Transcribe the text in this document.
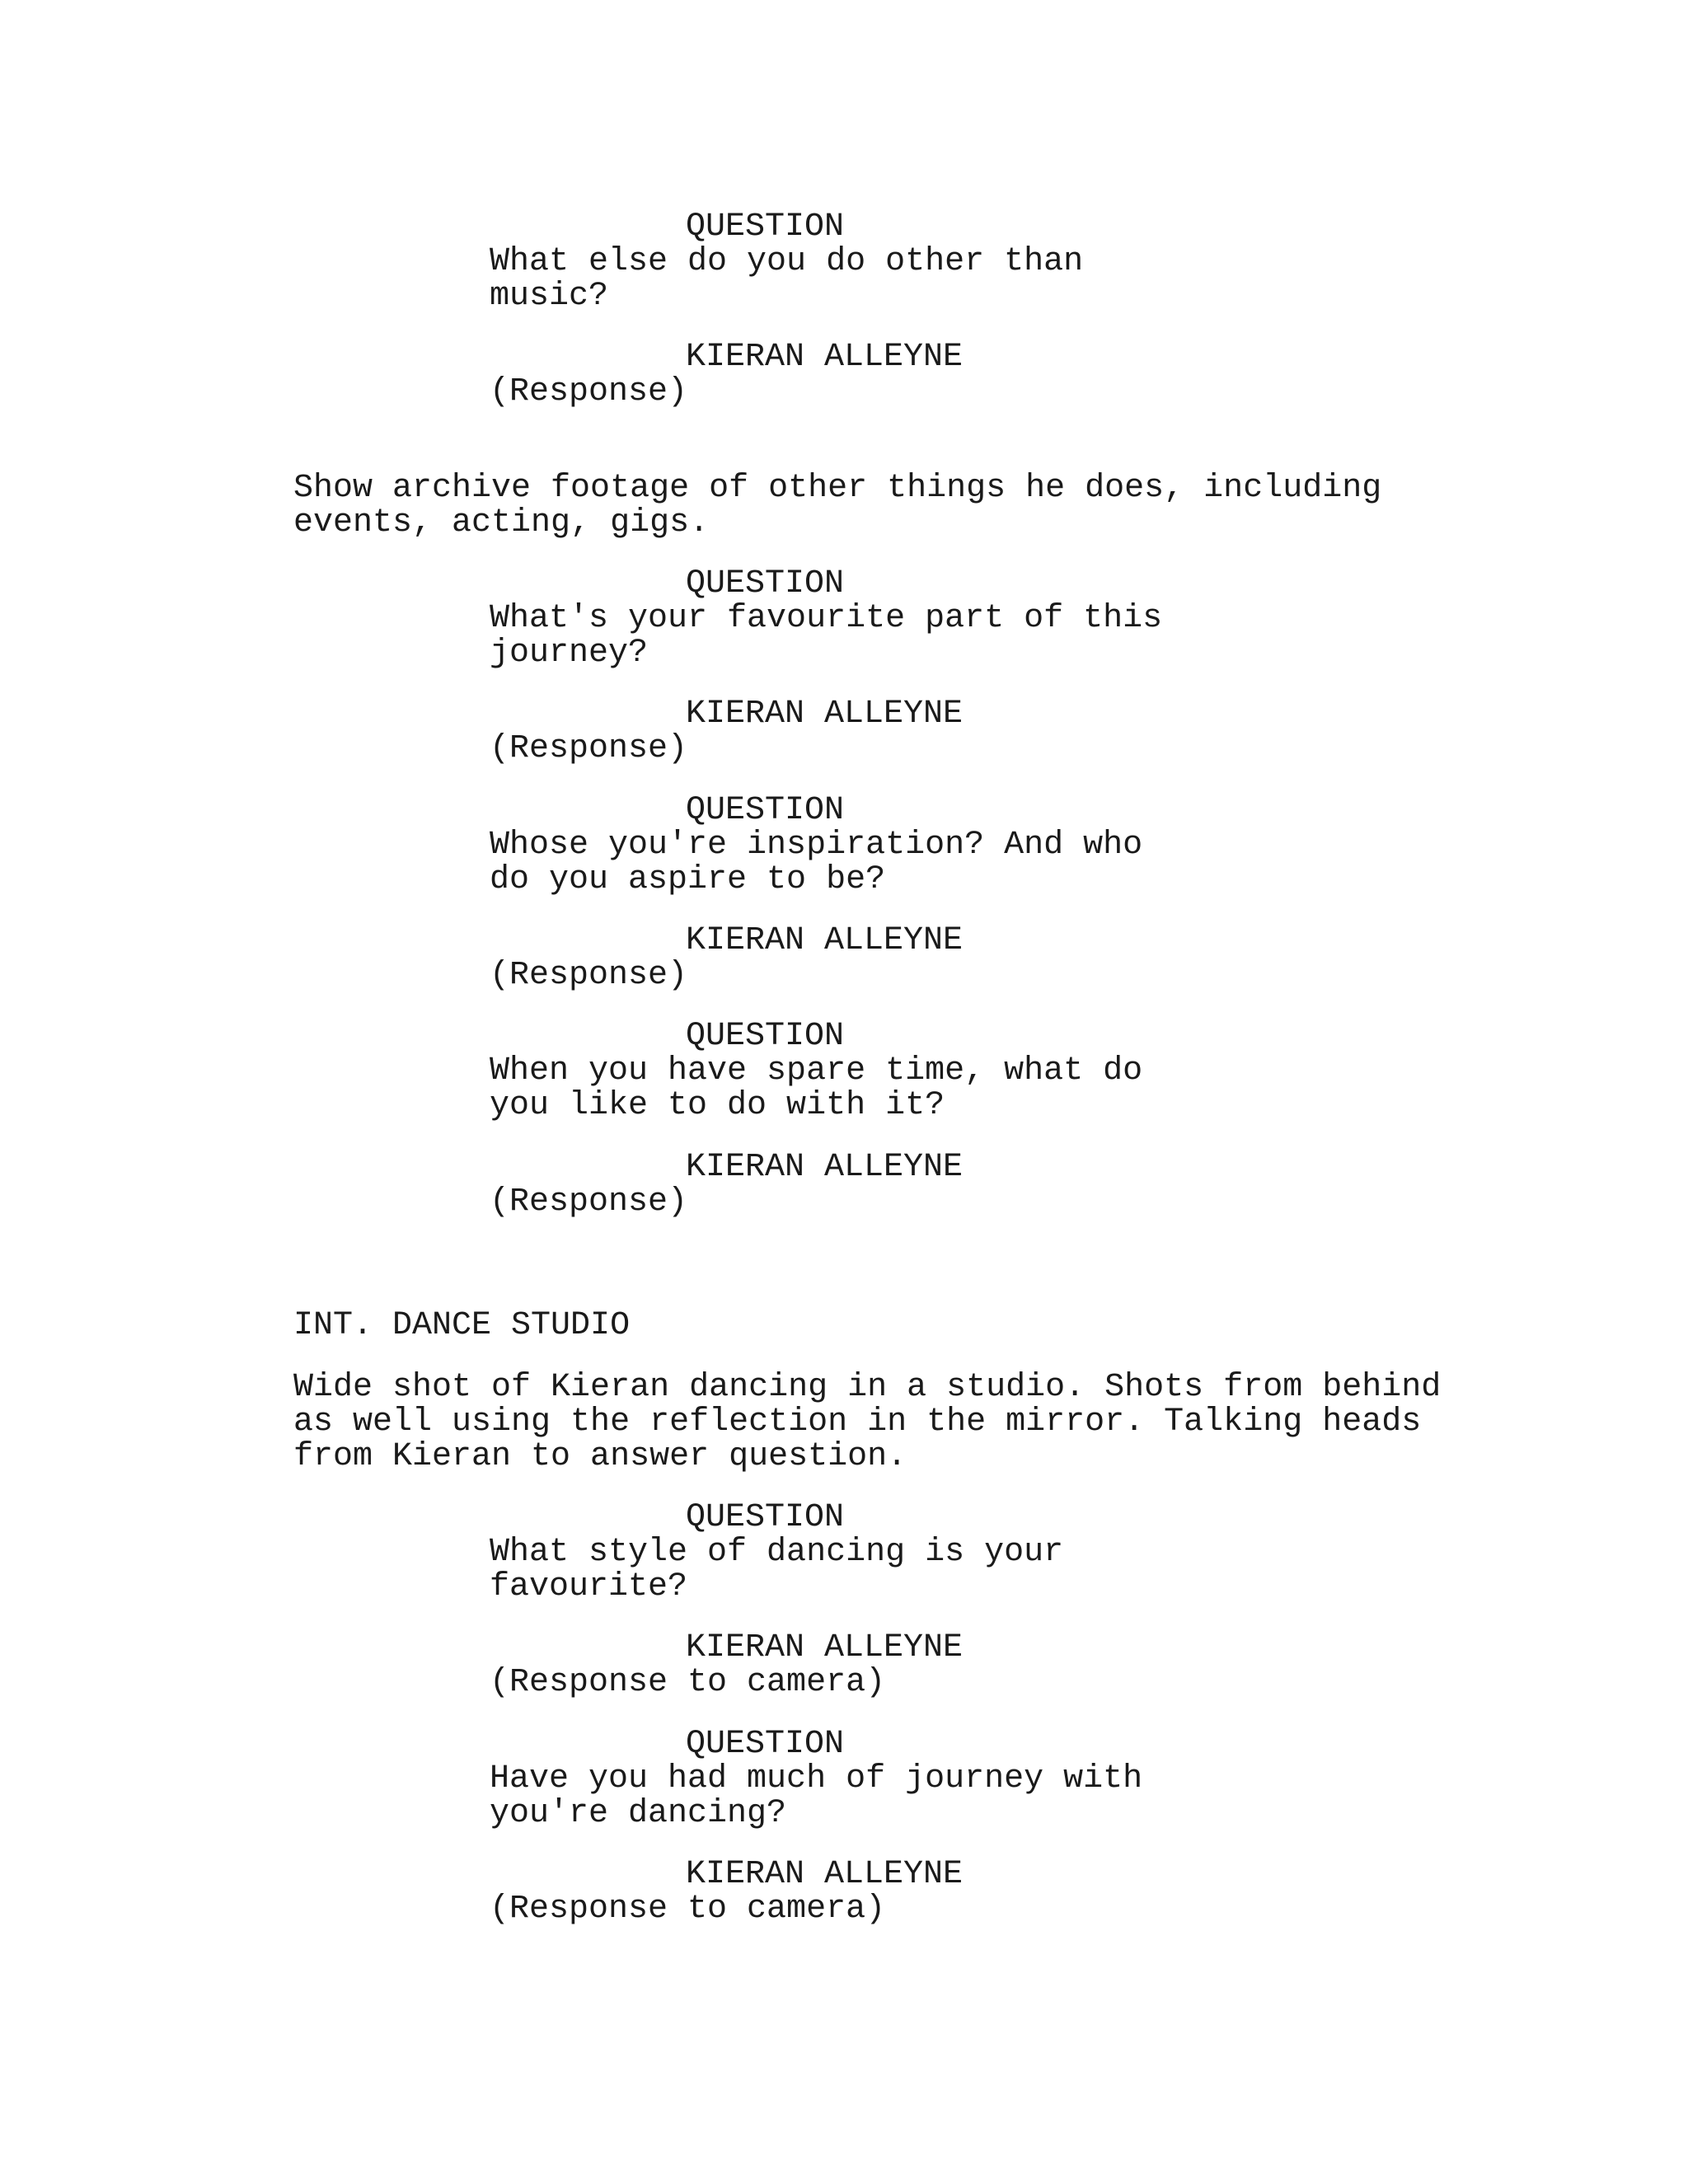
QUESTION

What else do you do other than

music?

KIERAN ALLEYNE

(Response)

Show archive footage of other things he does, including

events, acting, gigs.

QUESTION

What's your favourite part of this

journey?

KIERAN ALLEYNE

(Response)

QUESTION

Whose you're inspiration? And who

do you aspire to be?

KIERAN ALLEYNE

(Response)

QUESTION

When you have spare time, what do

you like to do with it?

KIERAN ALLEYNE

(Response)

INT. DANCE STUDIO

Wide shot of Kieran dancing in a studio. Shots from behind

as well using the reflection in the mirror. Talking heads

from Kieran to answer question.

QUESTION

What style of dancing is your

favourite?

KIERAN ALLEYNE

(Response to camera)

QUESTION

Have you had much of journey with

you're dancing?

KIERAN ALLEYNE

(Response to camera)
